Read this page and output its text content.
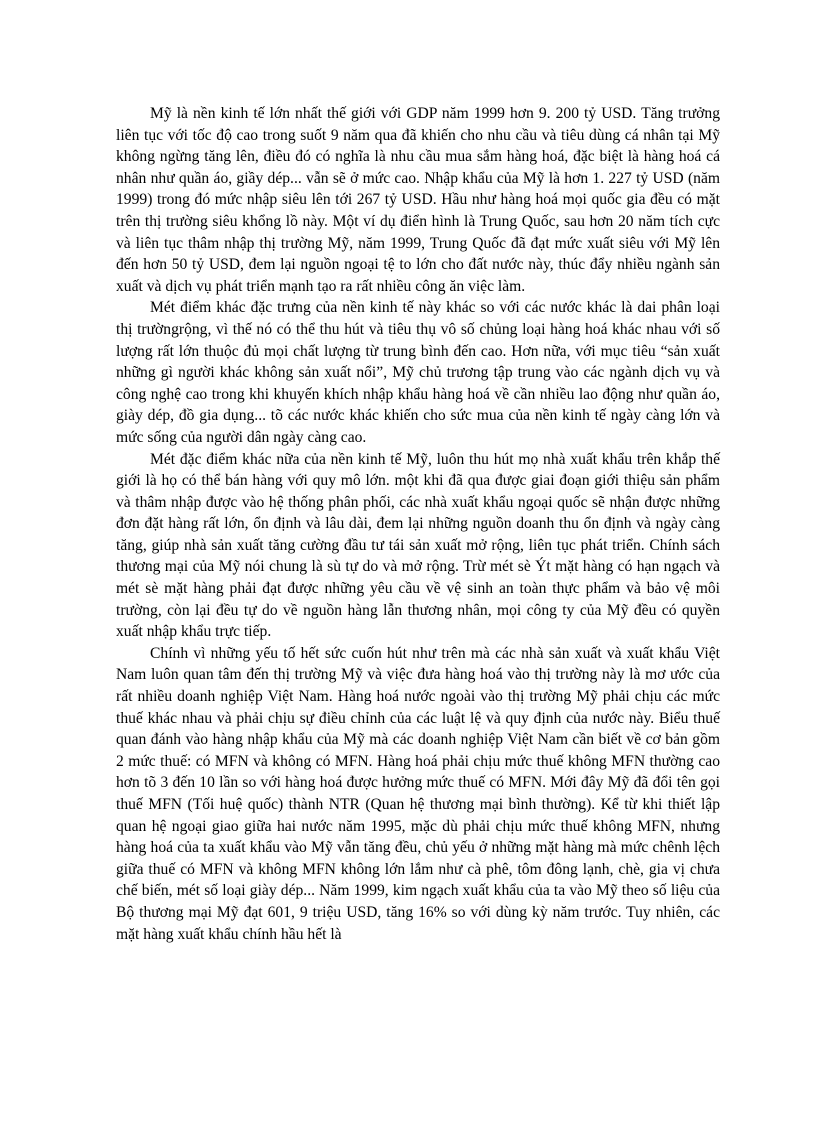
Mỹ là nền kinh tế lớn nhất thế giới với GDP năm 1999 hơn 9. 200 tỷ USD. Tăng trưởng liên tục với tốc độ cao trong suốt 9 năm qua đã khiến cho nhu cầu và tiêu dùng cá nhân tại Mỹ không ngừng tăng lên, điều đó có nghĩa là nhu cầu mua sắm hàng hoá, đặc biệt là hàng hoá cá nhân như quần áo, giầy dép... vẫn sẽ ở mức cao. Nhập khẩu của Mỹ là hơn 1. 227 tỷ USD (năm 1999) trong đó mức nhập siêu lên tới 267 tỷ USD. Hầu như hàng hoá mọi quốc gia đều có mặt trên thị trường siêu khổng lồ này. Một ví dụ điển hình là Trung Quốc, sau hơn 20 năm tích cực và liên tục thâm nhập thị trường Mỹ, năm 1999, Trung Quốc đã đạt mức xuất siêu với Mỹ lên đến hơn 50 tỷ USD, đem lại nguồn ngoại tệ to lớn cho đất nước này, thúc đẩy nhiều ngành sản xuất và dịch vụ phát triển mạnh tạo ra rất nhiều công ăn việc làm.

Mét điểm khác đặc trưng của nền kinh tế này khác so với các nước khác là dai phân loại thị trườngrộng, vì thế nó có thể thu hút và tiêu thụ vô số chủng loại hàng hoá khác nhau với số lượng rất lớn thuộc đủ mọi chất lượng từ trung bình đến cao. Hơn nữa, với mục tiêu “sản xuất những gì người khác không sản xuất nổi”, Mỹ chủ trương tập trung vào các ngành dịch vụ và công nghệ cao trong khi khuyến khích nhập khẩu hàng hoá về cần nhiều lao động như quần áo, giày dép, đồ gia dụng... tõ các nước khác khiến cho sức mua của nền kinh tế ngày càng lớn và mức sống của người dân ngày càng cao.

Mét đặc điểm khác nữa của nền kinh tế Mỹ, luôn thu hút mọ nhà xuất khẩu trên khắp thế giới là họ có thể bán hàng với quy mô lớn. một khi đã qua được giai đoạn giới thiệu sản phẩm và thâm nhập được vào hệ thống phân phối, các nhà xuất khẩu ngoại quốc sẽ nhận được những đơn đặt hàng rất lớn, ổn định và lâu dài, đem lại những nguồn doanh thu ổn định và ngày càng tăng, giúp nhà sản xuất tăng cường đầu tư tái sản xuất mở rộng, liên tục phát triển. Chính sách thương mại của Mỹ nói chung là sù tự do và mở rộng. Trừ mét sè Ýt mặt hàng có hạn ngạch và mét sè mặt hàng phải đạt được những yêu cầu về vệ sinh an toàn thực phẩm và bảo vệ môi trường, còn lại đều tự do về nguồn hàng lẫn thương nhân, mọi công ty của Mỹ đều có quyền xuất nhập khẩu trực tiếp.

Chính vì những yếu tố hết sức cuốn hút như trên mà các nhà sản xuất và xuất khẩu Việt Nam luôn quan tâm đến thị trường Mỹ và việc đưa hàng hoá vào thị trường này là mơ ước của rất nhiều doanh nghiệp Việt Nam. Hàng hoá nước ngoài vào thị trường Mỹ phải chịu các mức thuế khác nhau và phải chịu sự điều chỉnh của các luật lệ và quy định của nước này. Biểu thuế quan đánh vào hàng nhập khẩu của Mỹ mà các doanh nghiệp Việt Nam cần biết về cơ bản gồm 2 mức thuế: có MFN và không có MFN. Hàng hoá phải chịu mức thuế không MFN thường cao hơn tõ 3 đến 10 lần so với hàng hoá được hưởng mức thuế có MFN. Mới đây Mỹ đã đổi tên gọi thuế MFN (Tối huệ quốc) thành NTR (Quan hệ thương mại bình thường). Kể từ khi thiết lập quan hệ ngoại giao giữa hai nước năm 1995, mặc dù phải chịu mức thuế không MFN, nhưng hàng hoá của ta xuất khẩu vào Mỹ vẫn tăng đều, chủ yếu ở những mặt hàng mà mức chênh lệch giữa thuế có MFN và không MFN không lớn lắm như cà phê, tôm đông lạnh, chè, gia vị chưa chế biến, mét số loại giày dép... Năm 1999, kim ngạch xuất khẩu của ta vào Mỹ theo số liệu của Bộ thương mại Mỹ đạt 601, 9 triệu USD, tăng 16% so với dùng kỳ năm trước. Tuy nhiên, các mặt hàng xuất khẩu chính hầu hết là
